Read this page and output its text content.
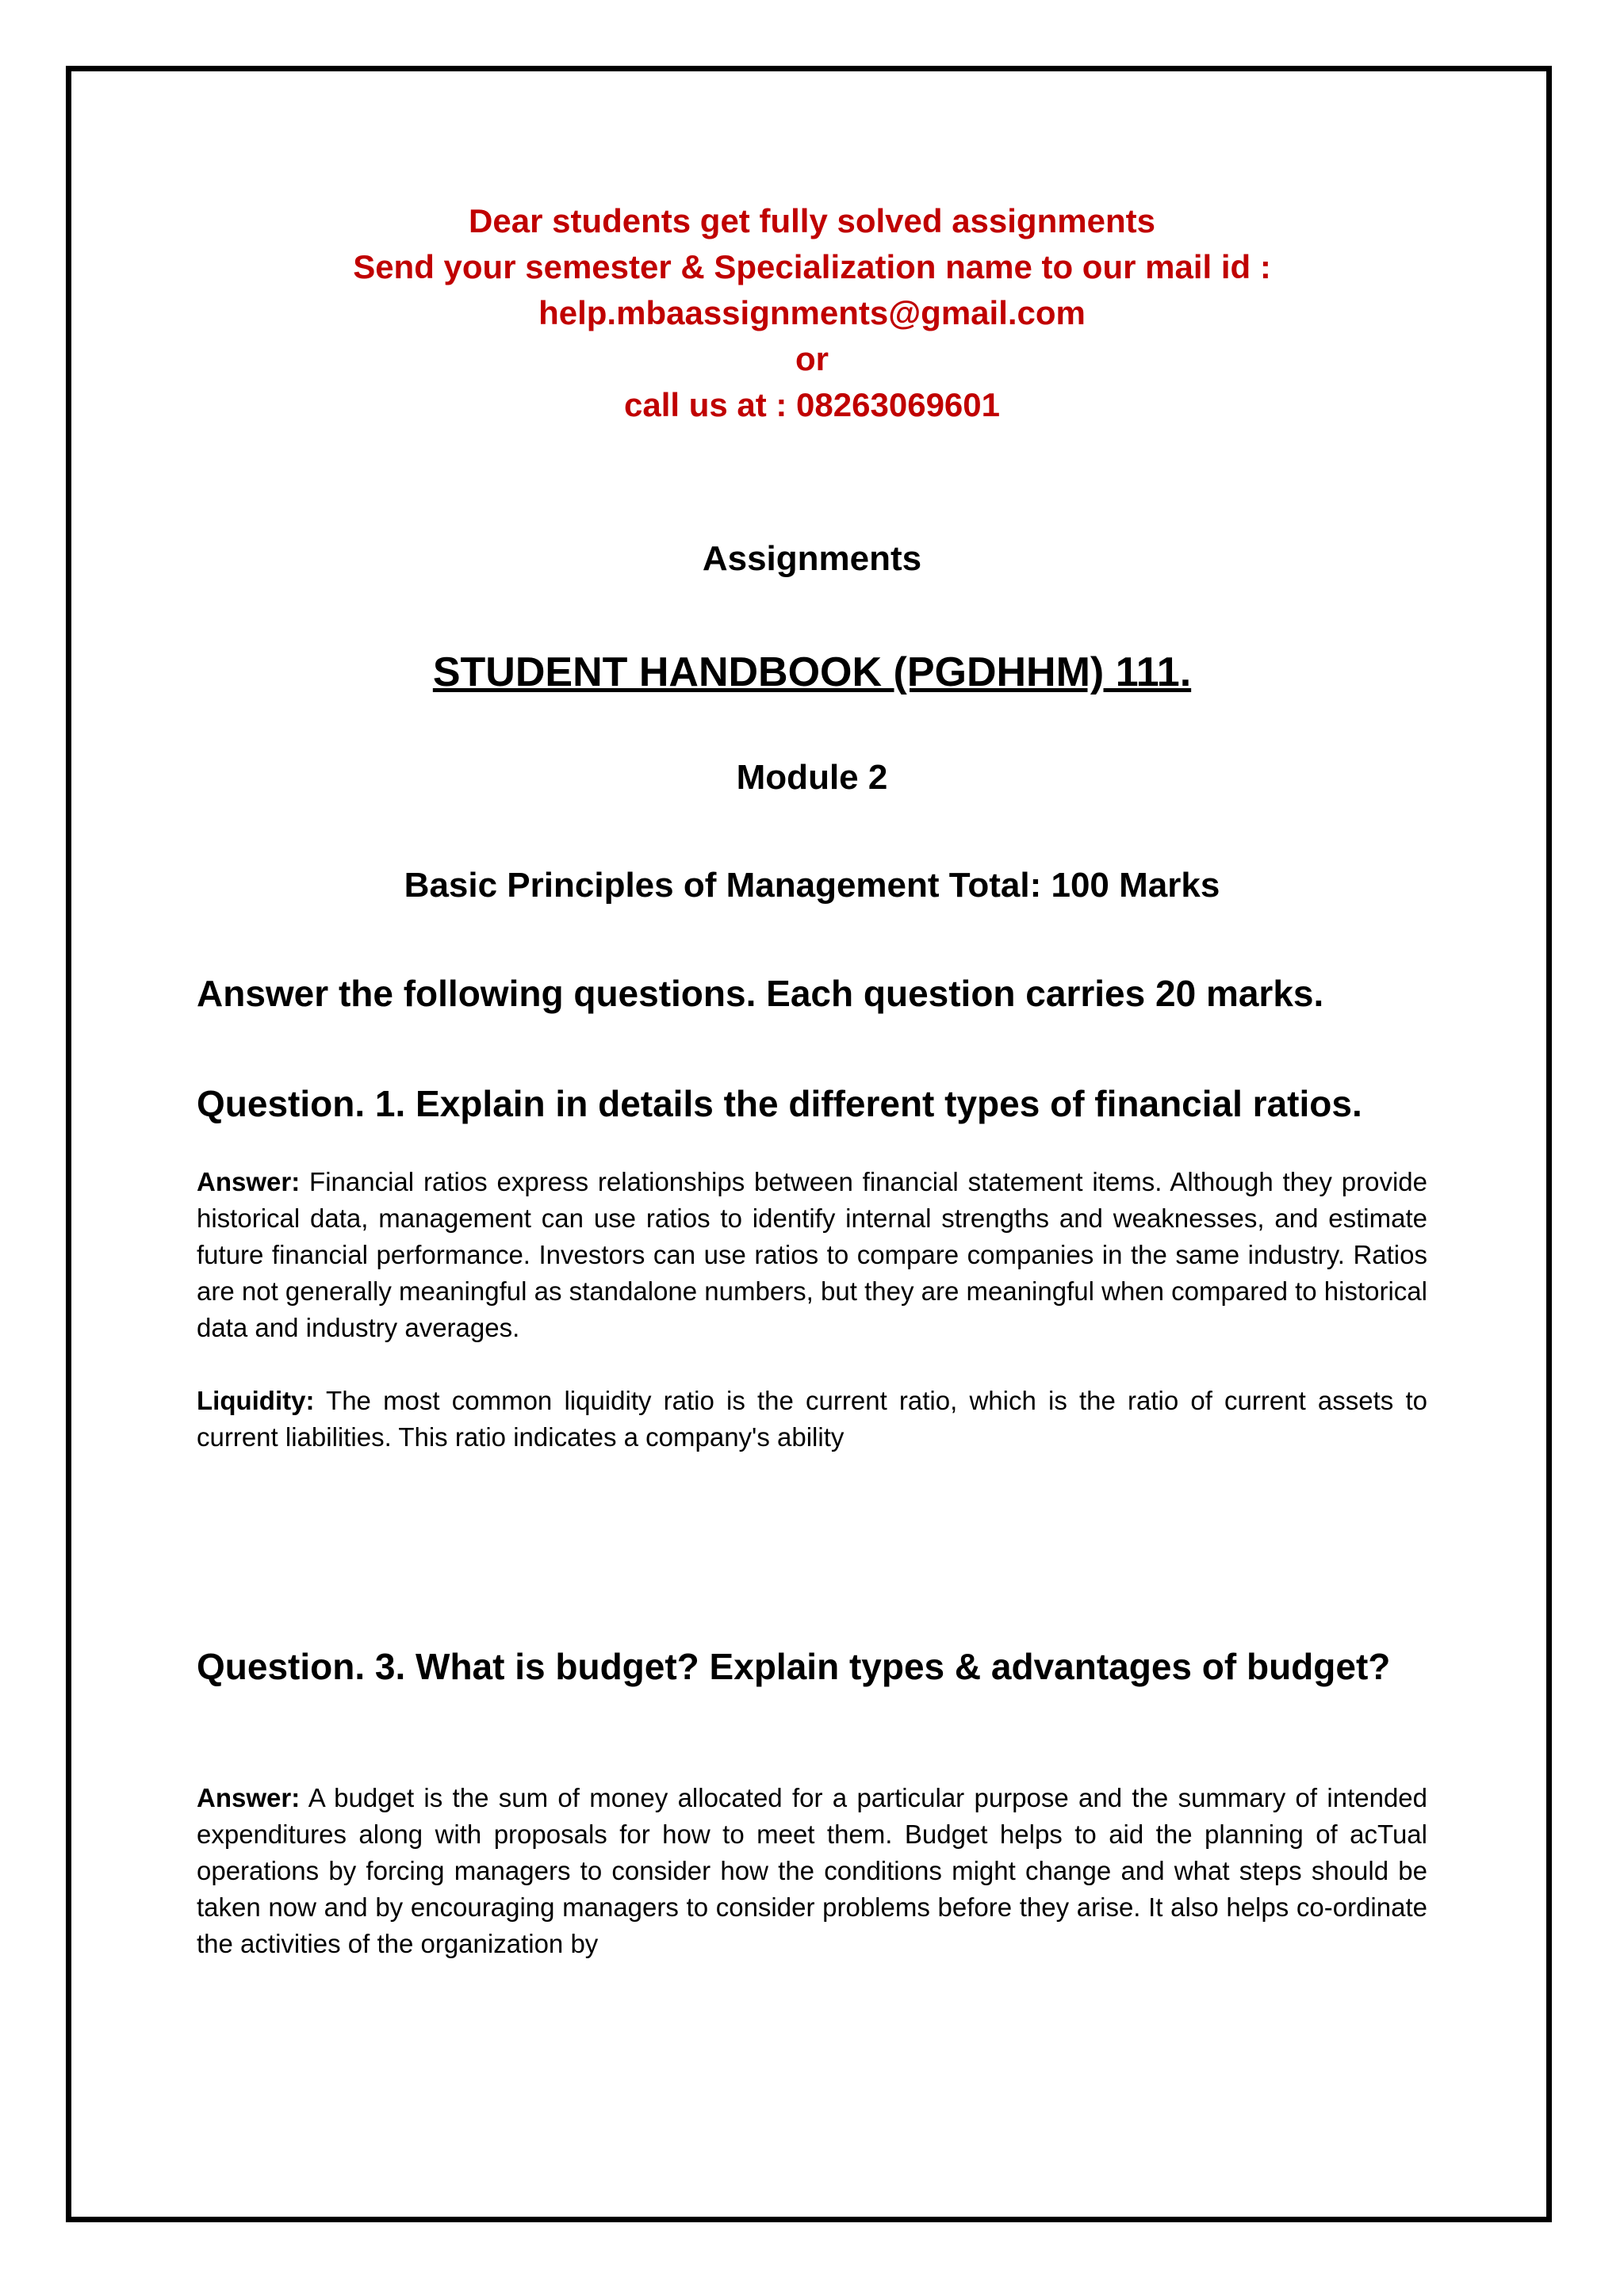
Dear students get fully solved assignments
Send your semester & Specialization name to our mail id :
help.mbaassignments@gmail.com
or
call us at : 08263069601
Assignments
STUDENT HANDBOOK (PGDHHM) 111.
Module 2
Basic Principles of Management Total: 100 Marks
Answer the following questions. Each question carries 20 marks.
Question. 1. Explain in details the different types of financial ratios.
Answer: Financial ratios express relationships between financial statement items. Although they provide historical data, management can use ratios to identify internal strengths and weaknesses, and estimate future financial performance. Investors can use ratios to compare companies in the same industry. Ratios are not generally meaningful as standalone numbers, but they are meaningful when compared to historical data and industry averages.
Liquidity: The most common liquidity ratio is the current ratio, which is the ratio of current assets to current liabilities. This ratio indicates a company's ability
Question. 3. What is budget? Explain types & advantages of budget?
Answer: A budget is the sum of money allocated for a particular purpose and the summary of intended expenditures along with proposals for how to meet them. Budget helps to aid the planning of acTual operations by forcing managers to consider how the conditions might change and what steps should be taken now and by encouraging managers to consider problems before they arise. It also helps co-ordinate the activities of the organization by
